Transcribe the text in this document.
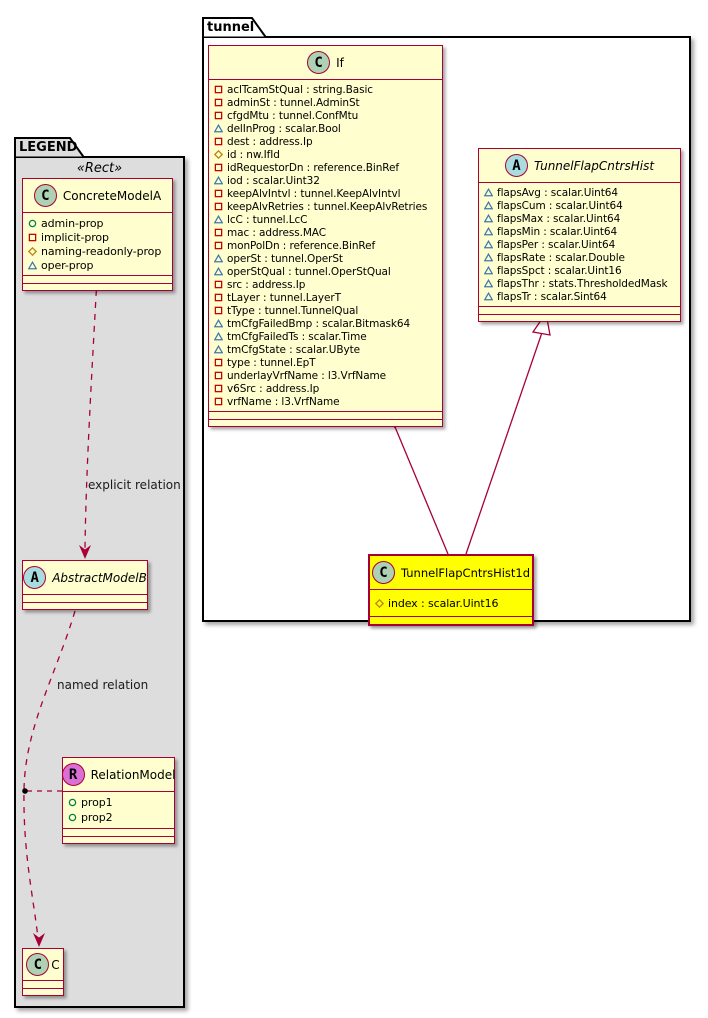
LEGEND
«Rect»
tunnel
explicit relation
named relation
C	If
aclTcamStQual : string.Basic
adminSt : tunnel.AdminSt
cfgdMtu : tunnel.ConfMtu
delInProg : scalar.Bool
dest : address.Ip
id : nw.IfId
idRequestorDn : reference.BinRef
iod : scalar.Uint32
keepAlvIntvl : tunnel.KeepAlvIntvl
keepAlvRetries : tunnel.KeepAlvRetries
lcC : tunnel.LcC
mac : address.MAC
monPolDn : reference.BinRef
operSt : tunnel.OperSt
operStQual : tunnel.OperStQual
src : address.Ip
tLayer : tunnel.LayerT
tType : tunnel.TunnelQual
tmCfgFailedBmp : scalar.Bitmask64
tmCfgFailedTs : scalar.Time
tmCfgState : scalar.UByte
type : tunnel.EpT
underlayVrfName : l3.VrfName
v6Src : address.Ip
vrfName : l3.VrfName
A	TunnelFlapCntrsHist
flapsAvg : scalar.Uint64
flapsCum : scalar.Uint64
flapsMax : scalar.Uint64
flapsMin : scalar.Uint64
flapsPer : scalar.Uint64
flapsRate : scalar.Double
flapsSpct : scalar.Uint16
flapsThr : stats.ThresholdedMask
flapsTr : scalar.Sint64
C	TunnelFlapCntrsHist1d
index : scalar.Uint16
C	ConcreteModelA
admin-prop
implicit-prop
naming-readonly-prop
oper-prop
A	AbstractModelB
R	RelationModel
prop1
prop2
C C
